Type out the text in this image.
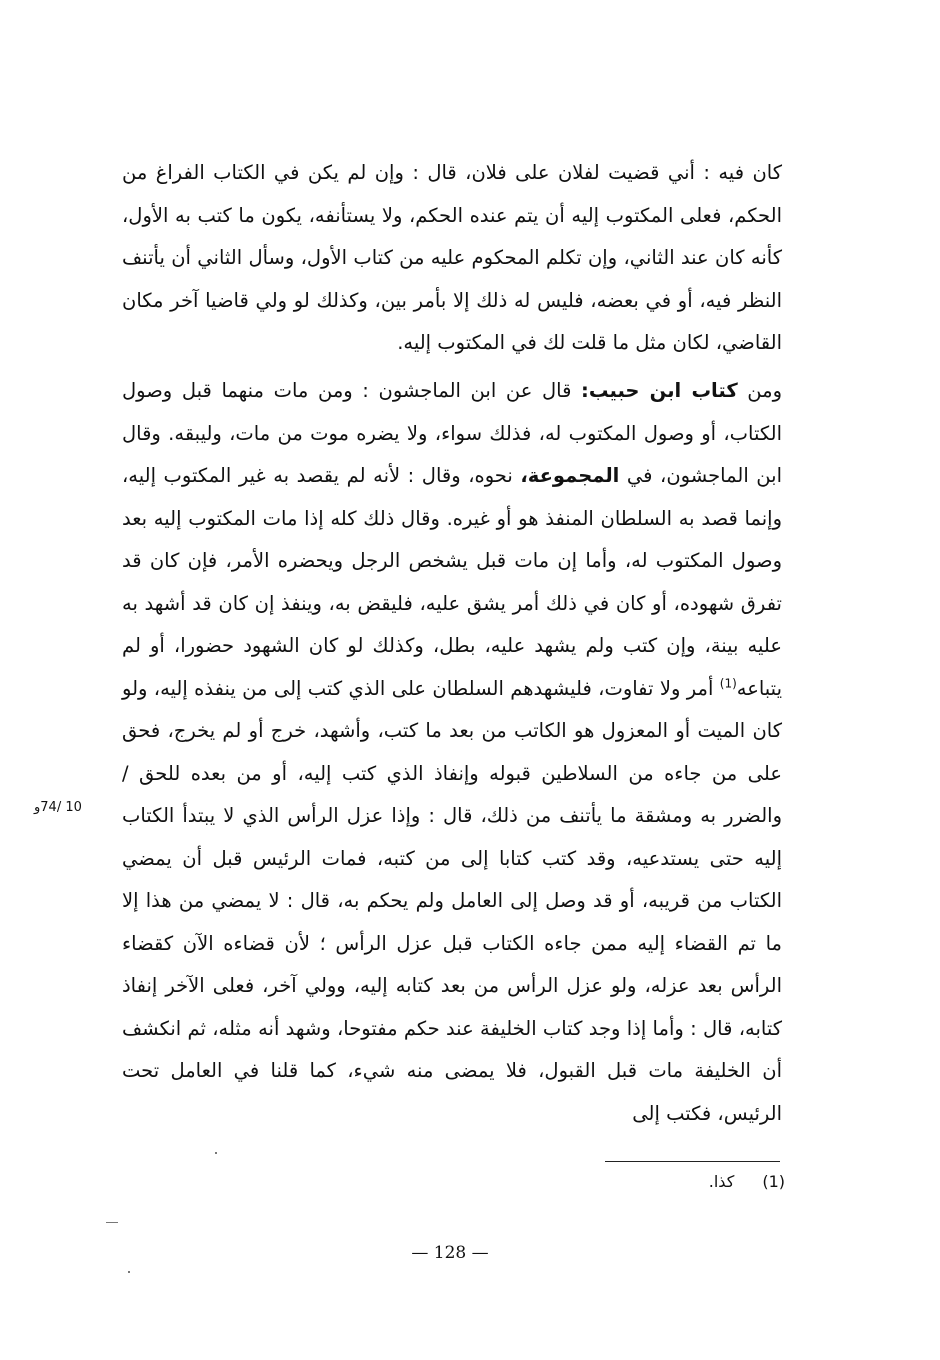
كان فيه : أني قضيت لفلان على فلان، قال : وإن لم يكن في الكتاب الفراغ من الحكم، فعلى المكتوب إليه أن يتم عنده الحكم، ولا يستأنفه، يكون ما كتب به الأول، كأنه كان عند الثاني، وإن تكلم المحكوم عليه من كتاب الأول، وسأل الثاني أن يأتنف النظر فيه، أو في بعضه، فليس له ذلك إلا بأمر بين، وكذلك لو ولي قاضيا آخر مكان القاضي، لكان مثل ما قلت لك في المكتوب إليه.

ومن كتاب ابن حبيب: قال عن ابن الماجشون : ومن مات منهما قبل وصول الكتاب، أو وصول المكتوب له، فذلك سواء، ولا يضره موت من مات، وليبقه. وقال ابن الماجشون، في المجموعة، نحوه، وقال : لأنه لم يقصد به غير المكتوب إليه، وإنما قصد به السلطان المنفذ هو أو غيره. وقال ذلك كله إذا مات المكتوب إليه بعد وصول المكتوب له، وأما إن مات قبل يشخص الرجل ويحضره الأمر، فإن كان قد تفرق شهوده، أو كان في ذلك أمر يشق عليه، فليقض به، وينفذ إن كان قد أشهد به عليه بينة، وإن كتب ولم يشهد عليه، بطل، وكذلك لو كان الشهود حضورا، أو لم يتباعه$^{(1)}$ أمر ولا تفاوت، فليشهدهم السلطان على الذي كتب إلى من ينفذه إليه، ولو كان الميت أو المعزول هو الكاتب من بعد ما كتب، وأشهد، خرج أو لم يخرج، فحق على من جاءه من السلاطين قبوله وإنفاذ الذي كتب إليه، أو من بعده للحق / والضرر به ومشقة ما يأتنف من ذلك، قال : وإذا عزل الرأس الذي لا يبتدأ الكتاب إليه حتى يستدعيه، وقد كتب كتابا إلى من كتبه، فمات الرئيس قبل أن يمضي الكتاب من قريبه، أو قد وصل إلى العامل ولم يحكم به، قال : لا يمضي من هذا إلا ما تم القضاء إليه ممن جاءه الكتاب قبل عزل الرأس ؛ لأن قضاءه الآن كقضاء الرأس بعد عزله، ولو عزل الرأس من بعد كتابه إليه، وولي آخر، فعلى الآخر إنفاذ كتابه، قال : وأما إذا وجد كتاب الخليفة عند حكم مفتوحا، وشهد أنه مثله، ثم انكشف أن الخليفة مات قبل القبول، فلا يمضى منه شيء، كما قلنا في العامل تحت الرئيس، فكتب إلى

10 /74و
(1)كذا.
— 128 —
